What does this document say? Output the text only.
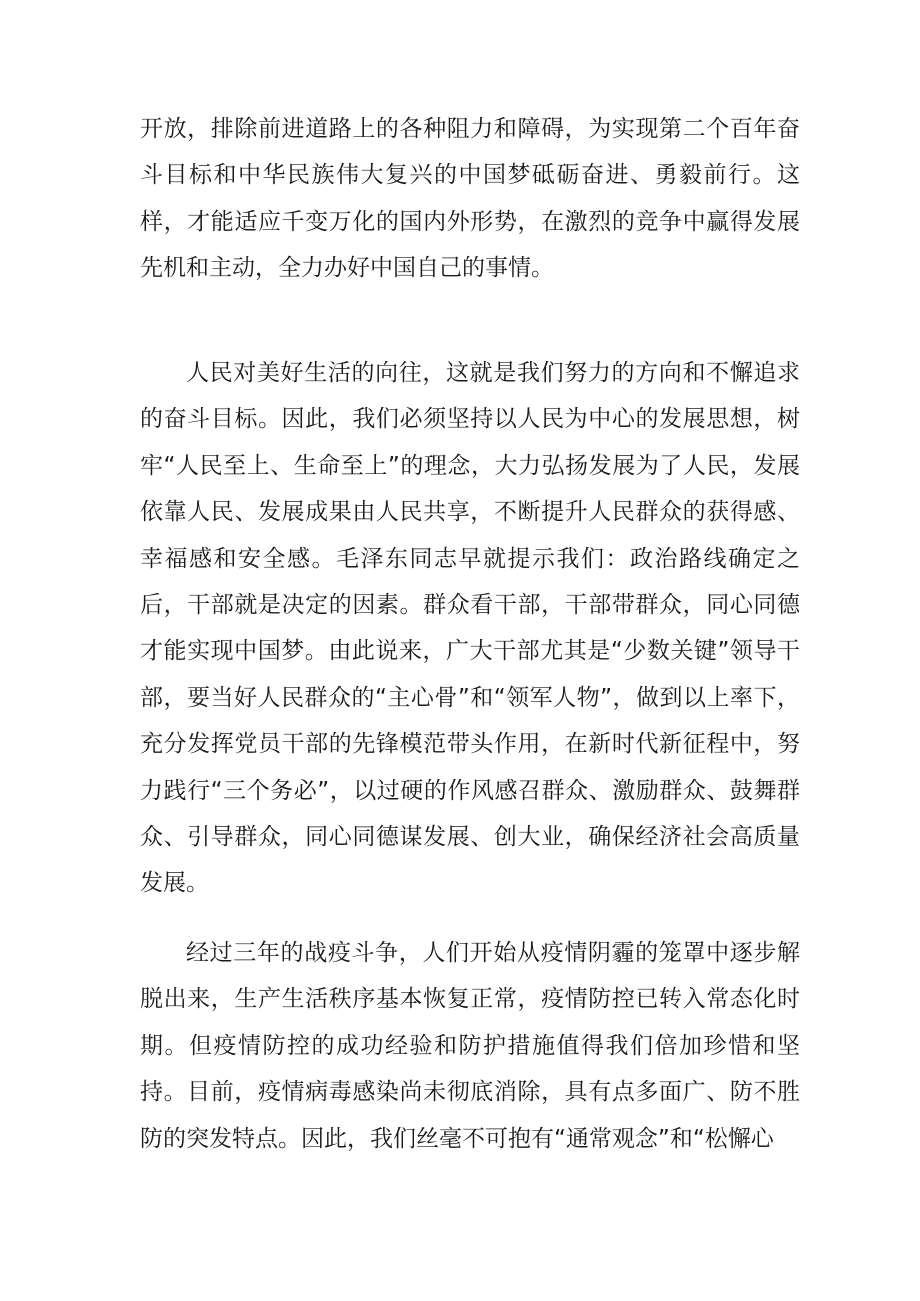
开放，排除前进道路上的各种阻力和障碍，为实现第二个百年奋斗目标和中华民族伟大复兴的中国梦砥砺奋进、勇毅前行。这样，才能适应千变万化的国内外形势，在激烈的竞争中赢得发展先机和主动，全力办好中国自己的事情。

人民对美好生活的向往，这就是我们努力的方向和不懈追求的奋斗目标。因此，我们必须坚持以人民为中心的发展思想，树牢“人民至上、生命至上”的理念，大力弘扬发展为了人民，发展依靠人民、发展成果由人民共享，不断提升人民群众的获得感、幸福感和安全感。毛泽东同志早就提示我们：政治路线确定之后，干部就是决定的因素。群众看干部，干部带群众，同心同德才能实现中国梦。由此说来，广大干部尤其是“少数关键”领导干部，要当好人民群众的“主心骨”和“领军人物”，做到以上率下，充分发挥党员干部的先锋模范带头作用，在新时代新征程中，努力践行“三个务必”，以过硬的作风感召群众、激励群众、鼓舞群众、引导群众，同心同德谋发展、创大业，确保经济社会高质量发展。

经过三年的战疫斗争，人们开始从疫情阴霾的笼罩中逐步解脱出来，生产生活秩序基本恢复正常，疫情防控已转入常态化时期。但疫情防控的成功经验和防护措施值得我们倍加珍惜和坚持。目前，疫情病毒感染尚未彻底消除，具有点多面广、防不胜防的突发特点。因此，我们丝毫不可抱有“通常观念”和“松懈心
